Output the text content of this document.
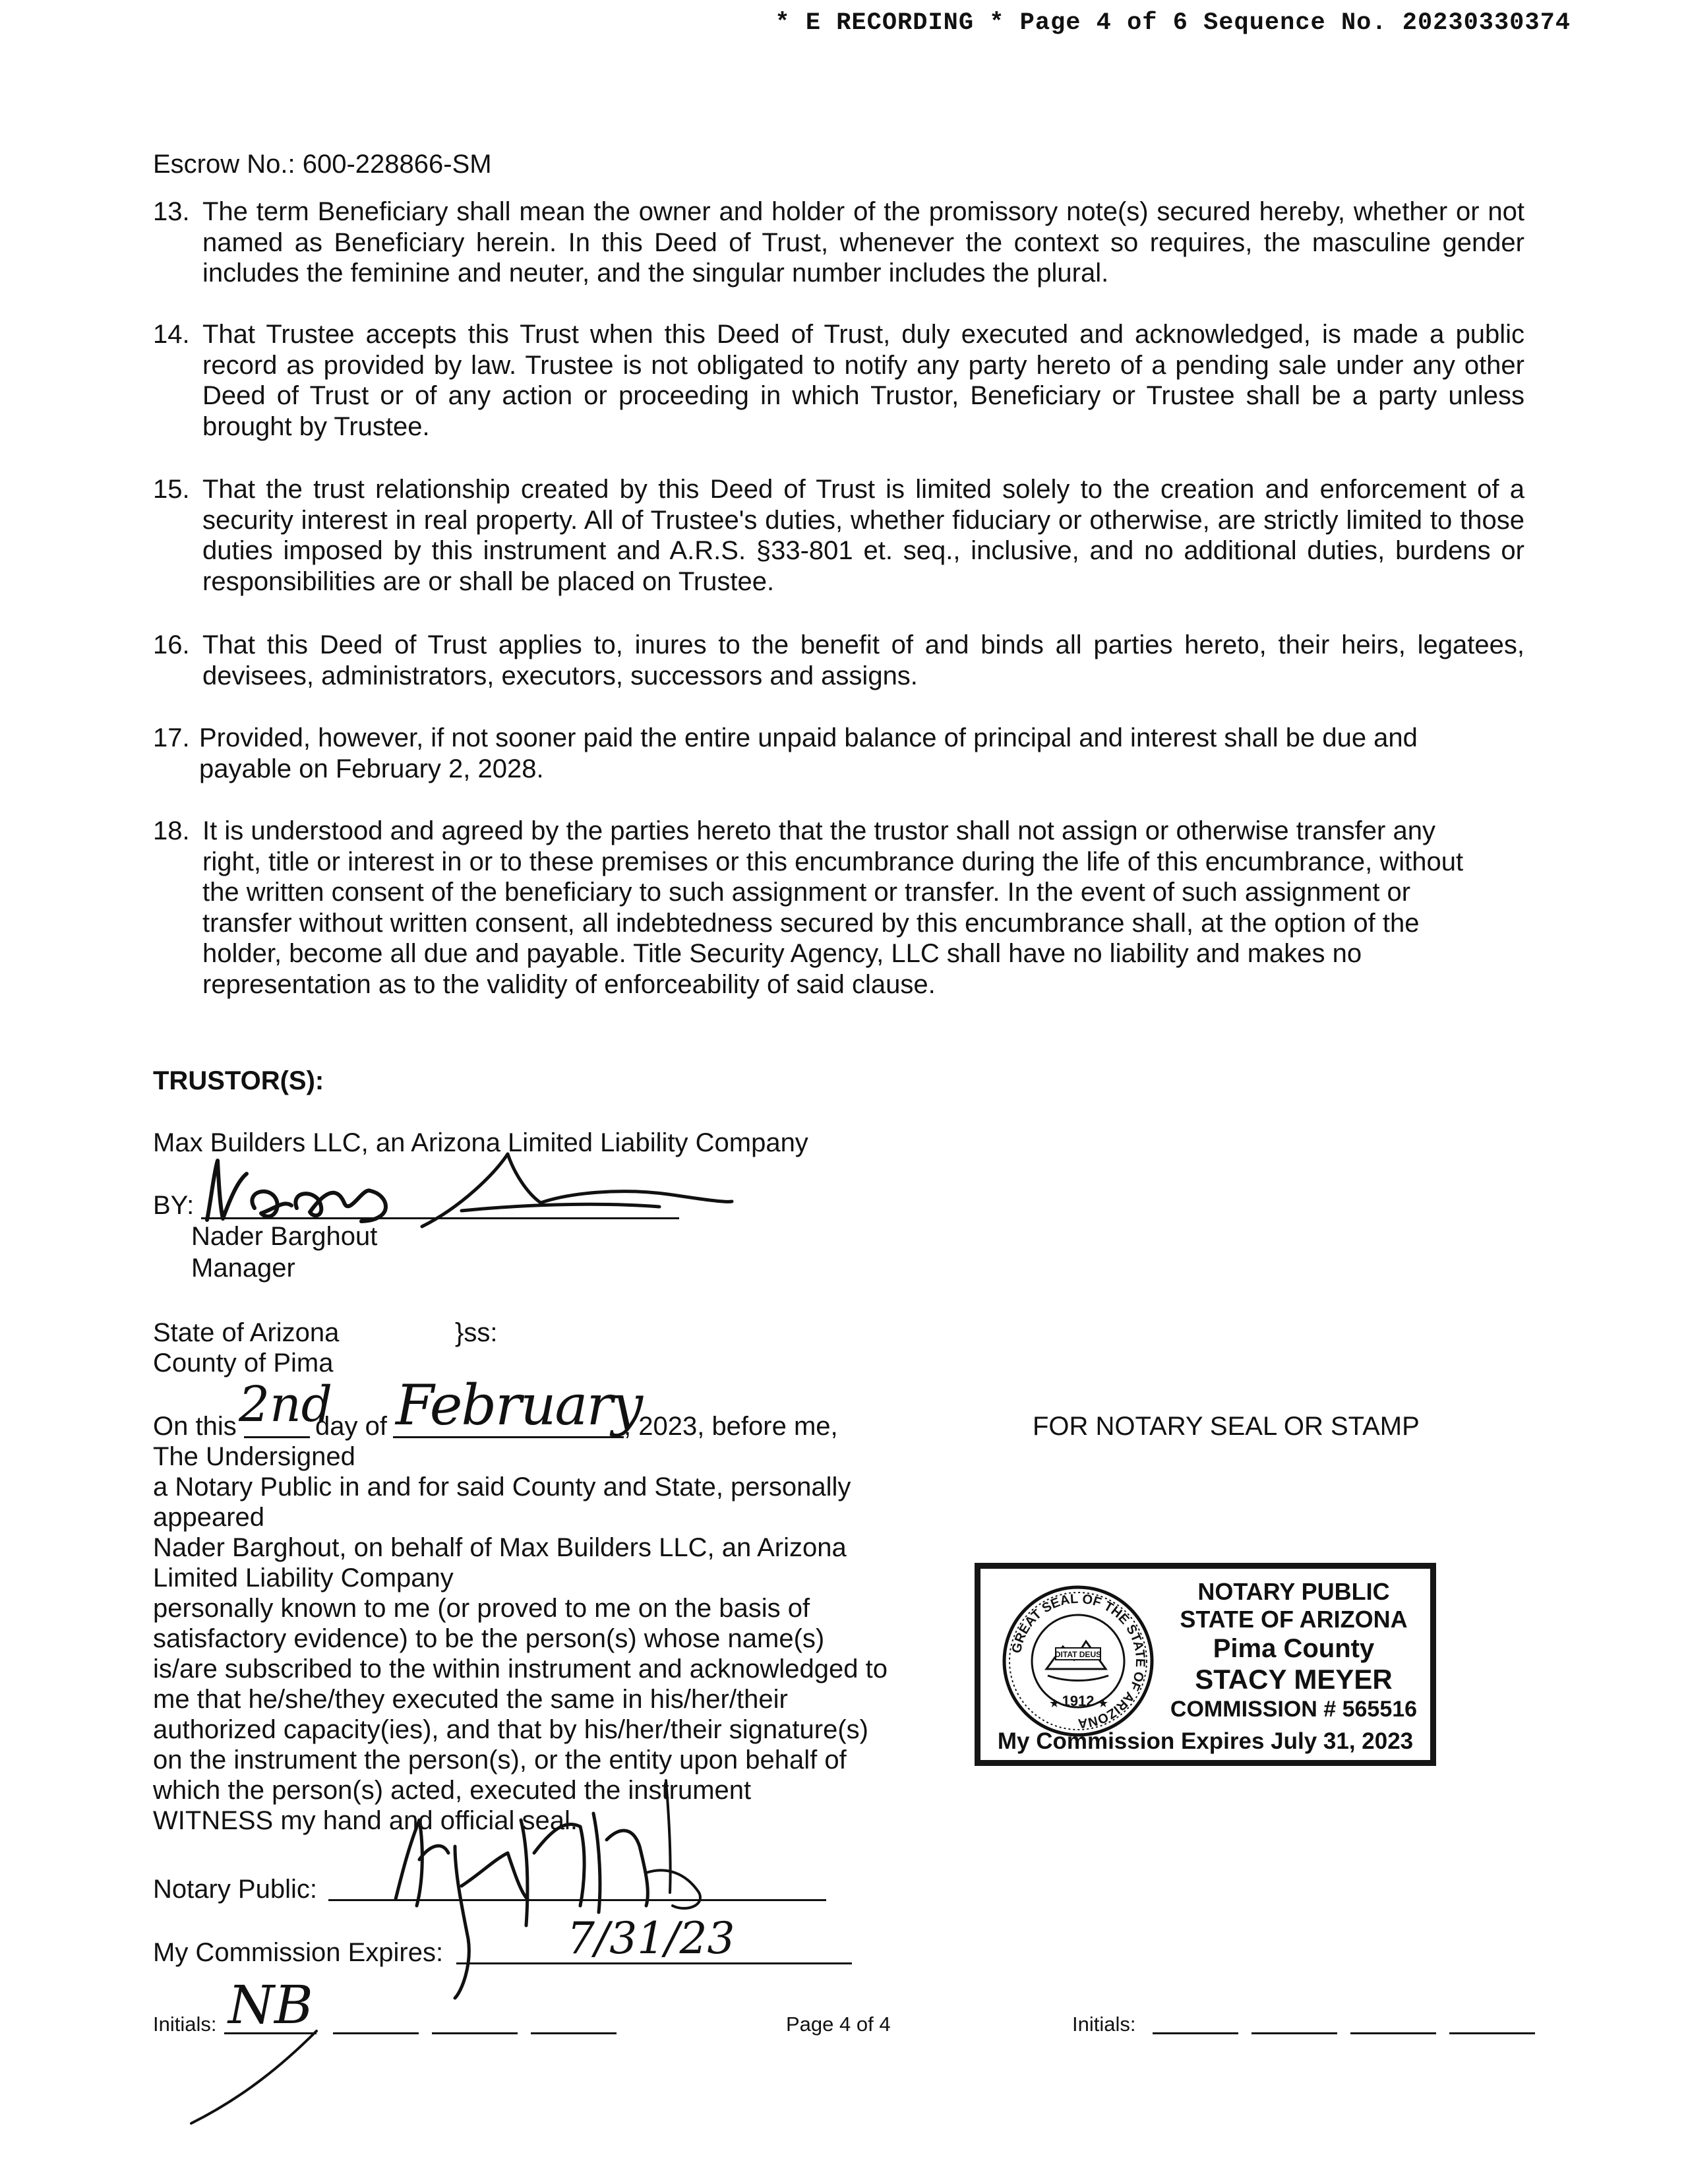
* E RECORDING * Page 4 of 6 Sequence No. 20230330374
Escrow No.: 600-228866-SM
13. The term Beneficiary shall mean the owner and holder of the promissory note(s) secured hereby, whether or not named as Beneficiary herein. In this Deed of Trust, whenever the context so requires, the masculine gender includes the feminine and neuter, and the singular number includes the plural.
14. That Trustee accepts this Trust when this Deed of Trust, duly executed and acknowledged, is made a public record as provided by law. Trustee is not obligated to notify any party hereto of a pending sale under any other Deed of Trust or of any action or proceeding in which Trustor, Beneficiary or Trustee shall be a party unless brought by Trustee.
15. That the trust relationship created by this Deed of Trust is limited solely to the creation and enforcement of a security interest in real property. All of Trustee's duties, whether fiduciary or otherwise, are strictly limited to those duties imposed by this instrument and A.R.S. §33-801 et. seq., inclusive, and no additional duties, burdens or responsibilities are or shall be placed on Trustee.
16. That this Deed of Trust applies to, inures to the benefit of and binds all parties hereto, their heirs, legatees, devisees, administrators, executors, successors and assigns.
17. Provided, however, if not sooner paid the entire unpaid balance of principal and interest shall be due and payable on February 2, 2028.
18. It is understood and agreed by the parties hereto that the trustor shall not assign or otherwise transfer any right, title or interest in or to these premises or this encumbrance during the life of this encumbrance, without the written consent of the beneficiary to such assignment or transfer. In the event of such assignment or transfer without written consent, all indebtedness secured by this encumbrance shall, at the option of the holder, become all due and payable. Title Security Agency, LLC shall have no liability and makes no representation as to the validity of enforceability of said clause.
TRUSTOR(S):
Max Builders LLC, an Arizona Limited Liability Company
BY:
Nader Barghout
Manager
State of Arizona	}ss:
County of Pima
On this 2nd
day of February
, 2023, before me,
The Undersigned
a Notary Public in and for said County and State, personally
appeared
Nader Barghout, on behalf of Max Builders LLC, an Arizona
Limited Liability Company
personally known to me (or proved to me on the basis of
satisfactory evidence) to be the person(s) whose name(s)
is/are subscribed to the within instrument and acknowledged to
me that he/she/they executed the same in his/her/their
authorized capacity(ies), and that by his/her/their signature(s)
on the instrument the person(s), or the entity upon behalf of
which the person(s) acted, executed the instrument
WITNESS my hand and official seal.
Notary Public:
My Commission Expires:	7/31/23
FOR NOTARY SEAL OR STAMP
GREAT SEAL OF THE STATE OF ARIZONA
DITAT DEUS
1912
★	★
NOTARY PUBLIC
STATE OF ARIZONA
Pima County
STACY MEYER
COMMISSION # 565516
My Commission Expires July 31, 2023
Initials: NB	Page 4 of 4	Initials:
